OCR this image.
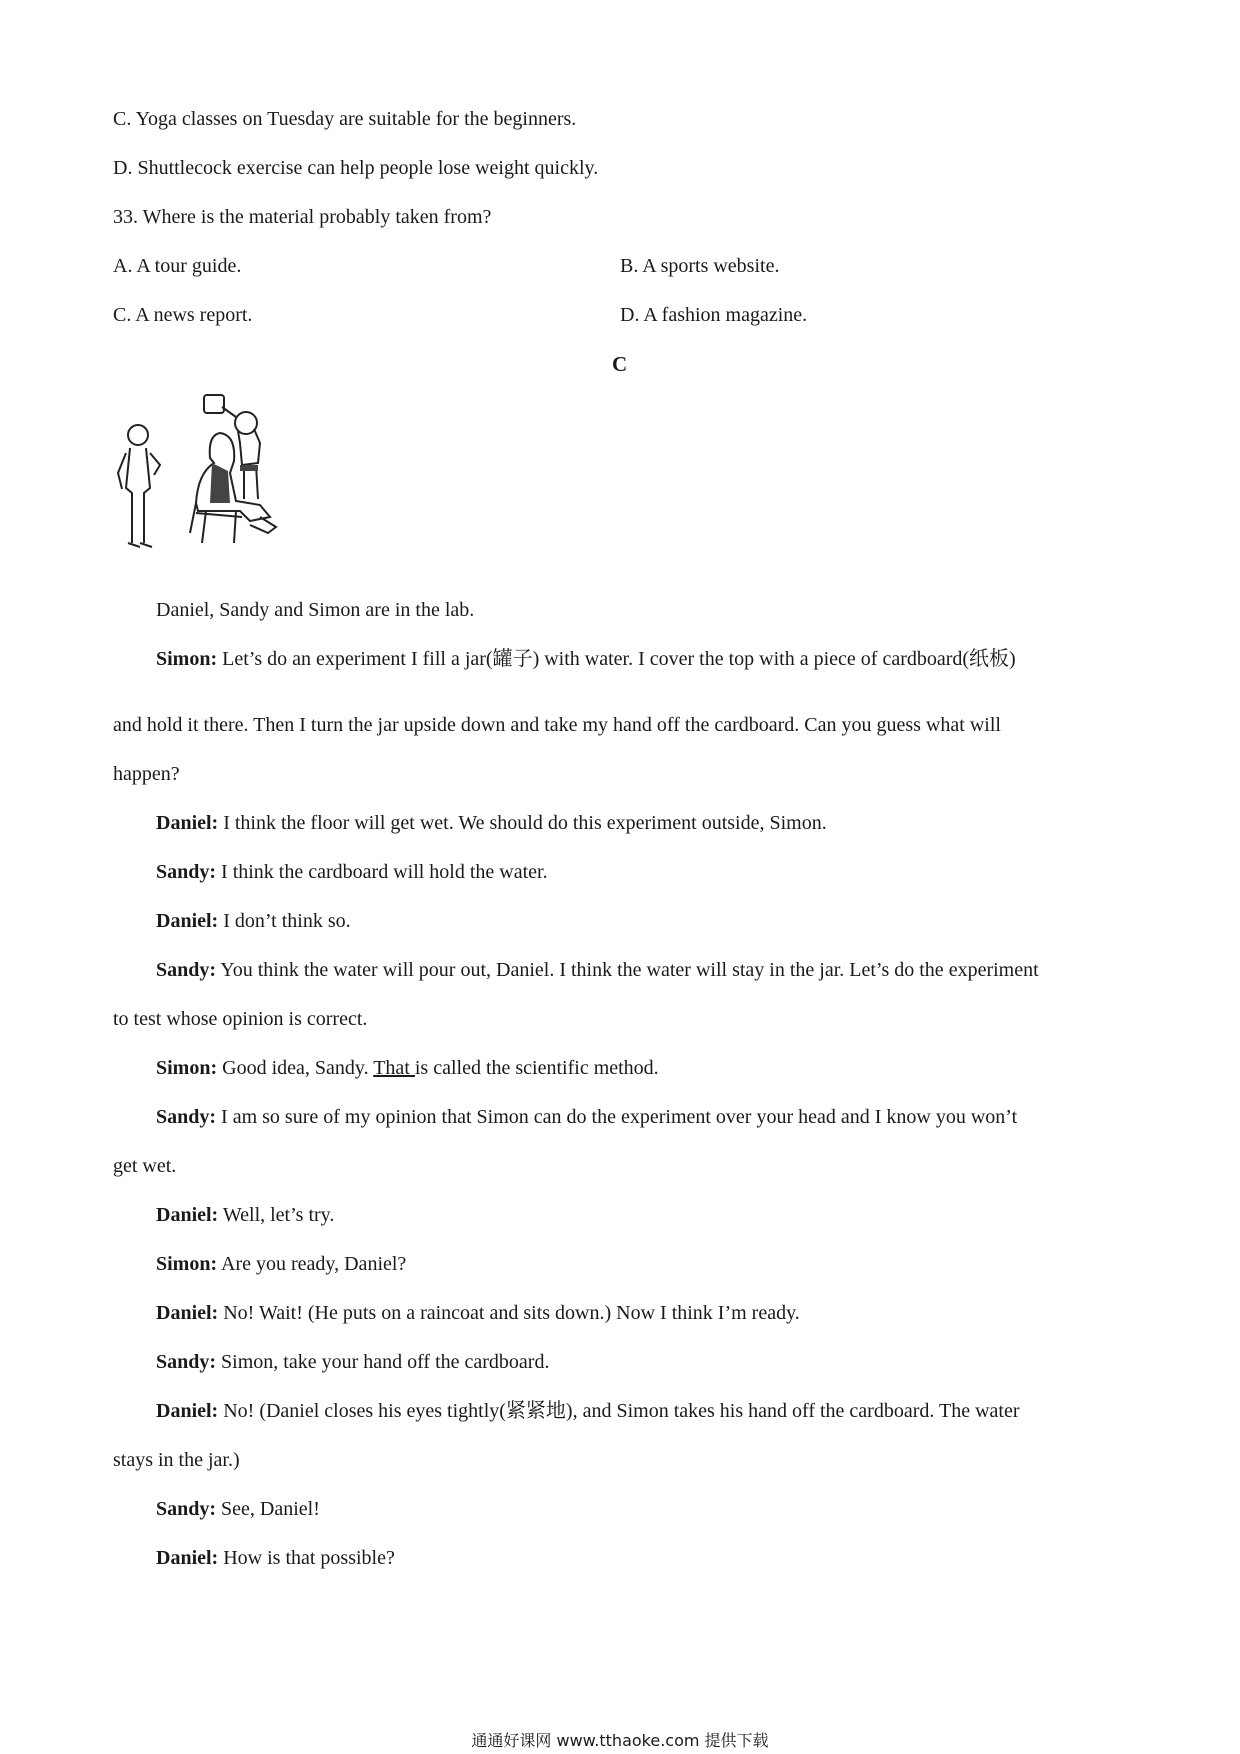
C. Yoga classes on Tuesday are suitable for the beginners.
D. Shuttlecock exercise can help people lose weight quickly.
33. Where is the material probably taken from?
A. A tour guide.	B. A sports website.
C. A news report.	D. A fashion magazine.
C
Daniel, Sandy and Simon are in the lab.
Simon: Let’s do an experiment I fill a jar(罐子) with water. I cover the top with a piece of cardboard(纸板)
and hold it there. Then I turn the jar upside down and take my hand off the cardboard. Can you guess what will
happen?
Daniel: I think the floor will get wet. We should do this experiment outside, Simon.
Sandy: I think the cardboard will hold the water.
Daniel: I don’t think so.
Sandy: You think the water will pour out, Daniel. I think the water will stay in the jar. Let’s do the experiment
to test whose opinion is correct.
Simon: Good idea, Sandy. That is called the scientific method.
Sandy: I am so sure of my opinion that Simon can do the experiment over your head and I know you won’t
get wet.
Daniel: Well, let’s try.
Simon: Are you ready, Daniel?
Daniel: No! Wait! (He puts on a raincoat and sits down.) Now I think I’m ready.
Sandy: Simon, take your hand off the cardboard.
Daniel: No! (Daniel closes his eyes tightly(紧紧地), and Simon takes his hand off the cardboard. The water
stays in the jar.)
Sandy: See, Daniel!
Daniel: How is that possible?
通通好课网 www.tthaoke.com 提供下载
